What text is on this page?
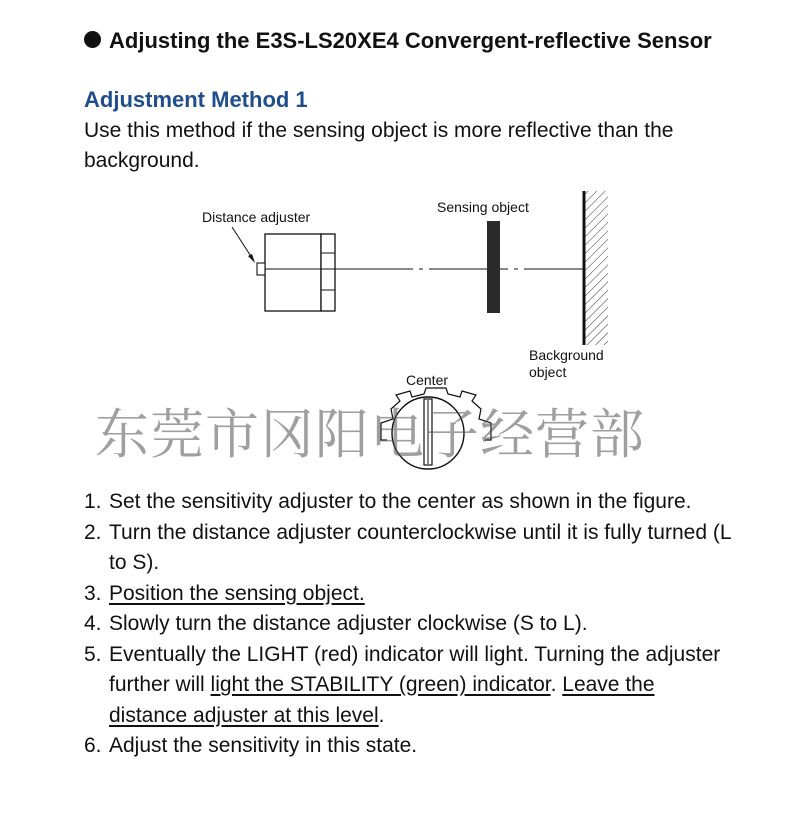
Adjusting the E3S-LS20XE4 Convergent-reflective Sensor
Adjustment Method 1
Use this method if the sensing object is more reflective than the background.
Distance adjuster
Sensing object
Background
object
Center
东莞市冈阳电子经营部
1. Set the sensitivity adjuster to the center as shown in the figure.
2. Turn the distance adjuster counterclockwise until it is fully turned (L to S).
3. Position the sensing object.
4. Slowly turn the distance adjuster clockwise (S to L).
5. Eventually the LIGHT (red) indicator will light. Turning the adjuster further will light the STABILITY (green) indicator. Leave the distance adjuster at this level.
6. Adjust the sensitivity in this state.
